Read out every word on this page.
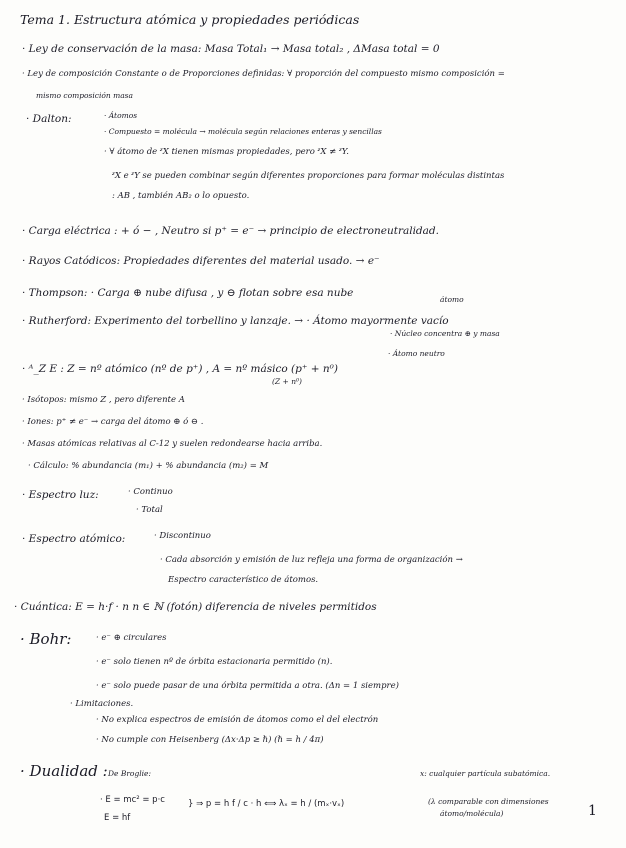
Tema 1. Estructura atómica y propiedades periódicas
· Ley de conservación de la masa: Masa Total₁ → Masa total₂ , ΔMasa total = 0
· Ley de composición Constante o de Proporciones definidas: ∀ proporción del compuesto mismo composición =
mismo composición masa
· Dalton:	· Átomos
· Compuesto = molécula → molécula según relaciones enteras y sencillas
· ∀ átomo de ᶻX tienen mismas propiedades, pero ᶻX ≠ ᶻY.
ᶻX e ᶻY se pueden combinar según diferentes proporciones para formar moléculas distintas
: AB , también AB₂ o lo opuesto.
· Carga eléctrica : + ó − , Neutro si p⁺ = e⁻ → principio de electroneutralidad.
· Rayos Catódicos: Propiedades diferentes del material usado. → e⁻
· Thompson: · Carga ⊕ nube difusa , y ⊖ flotan sobre esa nube
· Rutherford: Experimento del torbellino y lanzaje. → · Átomo mayormente vacío
átomo
· Núcleo concentra ⊕ y masa
· Átomo neutro
· ᴬ_Z E : Z = nº atómico (nº de p⁺) , A = nº másico (p⁺ + n⁰)
(Z + n⁰)
· Isótopos: mismo Z , pero diferente A
· Iones: p⁺ ≠ e⁻ → carga del átomo ⊕ ó ⊖ .
· Masas atómicas relativas al C-12 y suelen redondearse hacia arriba.
· Cálculo: % abundancia (m₁) + % abundancia (m₂) = M
· Espectro luz:	· Continuo
· Total
· Espectro atómico:	· Discontinuo
· Cada absorción y emisión de luz refleja una forma de organización →
Espectro característico de átomos.
· Cuántica: E = h·f · n n ∈ ℕ (fotón) diferencia de niveles permitidos
· Bohr:	· e⁻ ⊕ circulares
· e⁻ solo tienen nº de órbita estacionaria permitido (n).
· e⁻ solo puede pasar de una órbita permitida a otra. (Δn = 1 siempre)
· Limitaciones.
· No explica espectros de emisión de átomos como el del electrón
· No cumple con Heisenberg (Δx·Δp ≥ ℏ) (ℏ = h / 4π)
· Dualidad : De Broglie:
· E = mc² = p·c
E = hf
} ⇒ p = h f / c · h ⟺ λₓ = h / (mₓ·vₓ)
x: cualquier partícula subatómica.
(λ comparable con dimensiones
átomo/molécula)	1
